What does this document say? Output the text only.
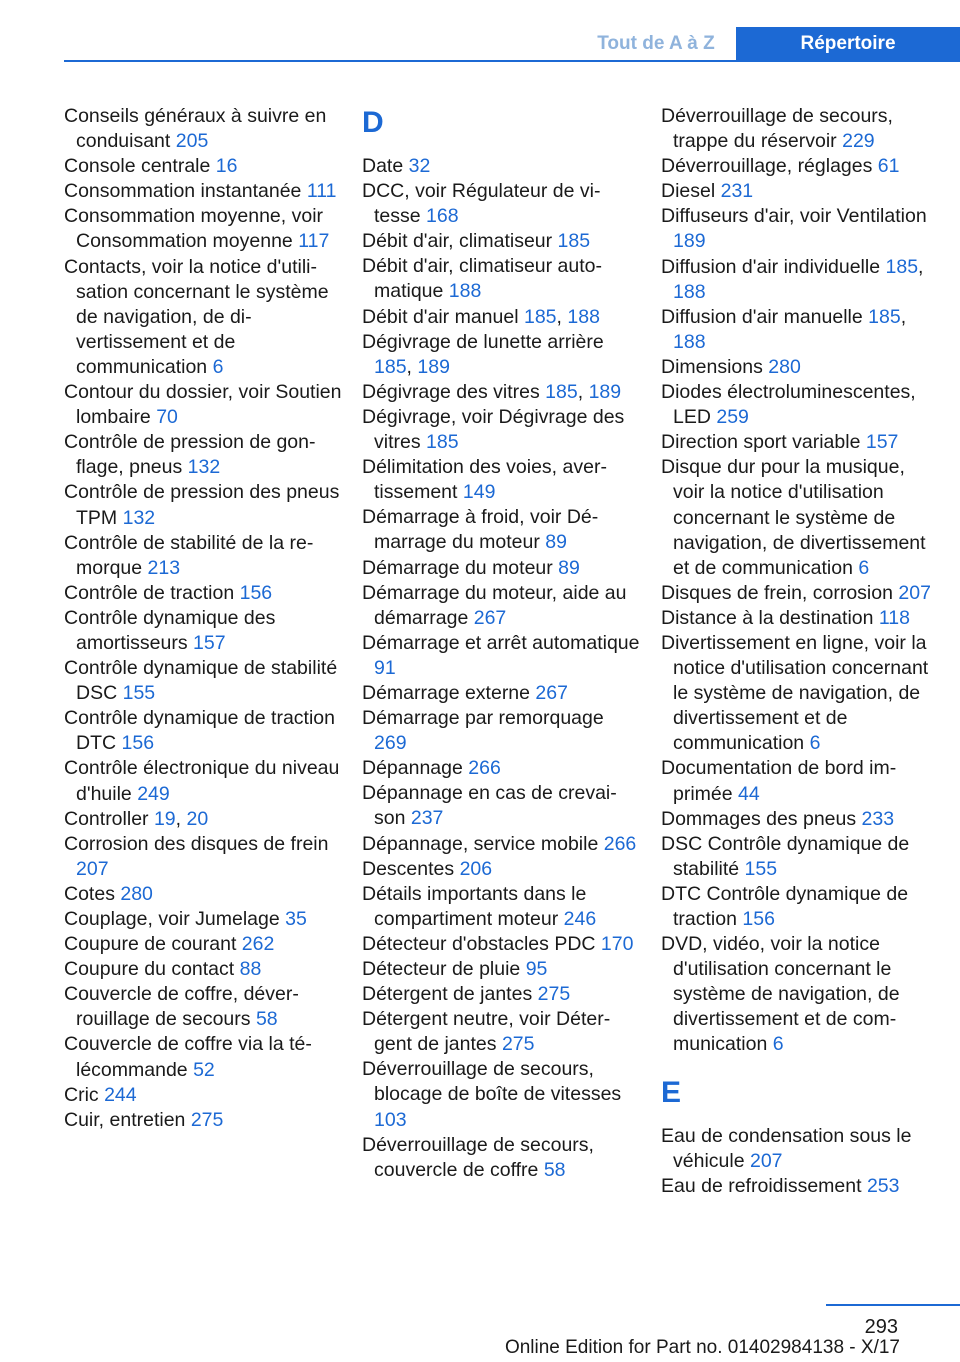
Tout de A à Z	Répertoire

Conseils généraux à suivre en conduisant 205

Console centrale 16

Consommation instantanée 111

Consommation moyenne, voir Consommation moyenne 117

Contacts, voir la notice d'utilisation concernant le système de navigation, de divertissement et de communication 6

Contour du dossier, voir Soutien lombaire 70

Contrôle de pression de gonflage, pneus 132

Contrôle de pression des pneus TPM 132

Contrôle de stabilité de la remorque 213

Contrôle de traction 156

Contrôle dynamique des amortisseurs 157

Contrôle dynamique de stabilité DSC 155

Contrôle dynamique de traction DTC 156

Contrôle électronique du niveau d'huile 249

Controller 19, 20

Corrosion des disques de frein 207

Cotes 280

Couplage, voir Jumelage 35

Coupure de courant 262

Coupure du contact 88

Couvercle de coffre, déverrouillage de secours 58

Couvercle de coffre via la télécommande 52

Cric 244

Cuir, entretien 275

D

Date 32

DCC, voir Régulateur de vitesse 168

Débit d'air, climatiseur 185

Débit d'air, climatiseur automatique 188

Débit d'air manuel 185, 188

Dégivrage de lunette arrière 185, 189

Dégivrage des vitres 185, 189

Dégivrage, voir Dégivrage des vitres 185

Délimitation des voies, avertissement 149

Démarrage à froid, voir Démarrage du moteur 89

Démarrage du moteur 89

Démarrage du moteur, aide au démarrage 267

Démarrage et arrêt automatique 91

Démarrage externe 267

Démarrage par remorquage 269

Dépannage 266

Dépannage en cas de crevaison 237

Dépannage, service mobile 266

Descentes 206

Détails importants dans le compartiment moteur 246

Détecteur d'obstacles PDC 170

Détecteur de pluie 95

Détergent de jantes 275

Détergent neutre, voir Détergent de jantes 275

Déverrouillage de secours, blocage de boîte de vitesses 103

Déverrouillage de secours, couvercle de coffre 58

Déverrouillage de secours, trappe du réservoir 229

Déverrouillage, réglages 61

Diesel 231

Diffuseurs d'air, voir Ventilation 189

Diffusion d'air individuelle 185, 188

Diffusion d'air manuelle 185, 188

Dimensions 280

Diodes électroluminescentes, LED 259

Direction sport variable 157

Disque dur pour la musique, voir la notice d'utilisation concernant le système de navigation, de divertissement et de communication 6

Disques de frein, corrosion 207

Distance à la destination 118

Divertissement en ligne, voir la notice d'utilisation concernant le système de navigation, de divertissement et de communication 6

Documentation de bord imprimée 44

Dommages des pneus 233

DSC Contrôle dynamique de stabilité 155

DTC Contrôle dynamique de traction 156

DVD, vidéo, voir la notice d'utilisation concernant le système de navigation, de divertissement et de communication 6

E

Eau de condensation sous le véhicule 207

Eau de refroidissement 253

293
Online Edition for Part no. 01402984138 - X/17
